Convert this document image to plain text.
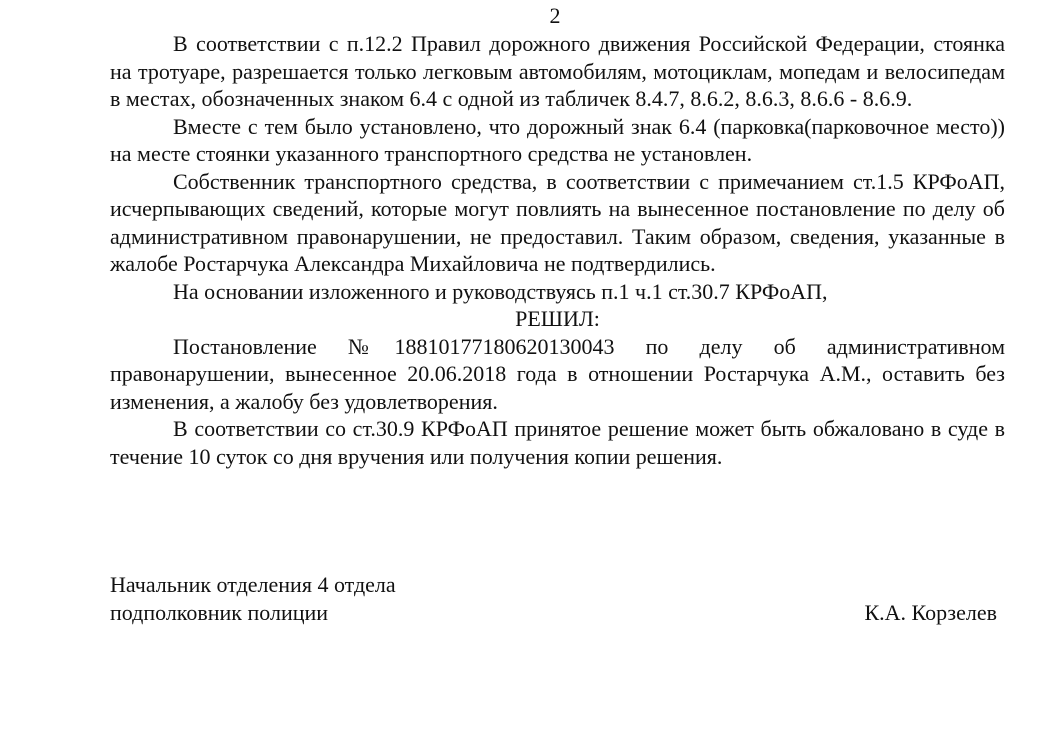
2

В соответствии с п.12.2 Правил дорожного движения Российской Федерации, стоянка на тротуаре, разрешается только легковым автомобилям, мотоциклам, мопедам и велосипедам в местах, обозначенных знаком 6.4 с одной из табличек 8.4.7, 8.6.2, 8.6.3, 8.6.6 - 8.6.9.

Вместе с тем было установлено, что дорожный знак 6.4 (парковка(парковочное место)) на месте стоянки указанного транспортного средства не установлен.

Собственник транспортного средства, в соответствии с примечанием ст.1.5 КРФоАП, исчерпывающих сведений, которые могут повлиять на вынесенное постановление по делу об административном правонарушении, не предоставил. Таким образом, сведения, указанные в жалобе Ростарчука Александра Михайловича не подтвердились.

На основании изложенного и руководствуясь п.1 ч.1 ст.30.7 КРФоАП,

РЕШИЛ:

Постановление №18810177180620130043 по делу об административном правонарушении, вынесенное 20.06.2018 года в отношении Ростарчука А.М., оставить без изменения, а жалобу без удовлетворения.

В соответствии со ст.30.9 КРФоАП принятое решение может быть обжаловано в суде в течение 10 суток со дня вручения или получения копии решения.

Начальник отделения 4 отдела
подполковник полиции	К.А. Корзелев
